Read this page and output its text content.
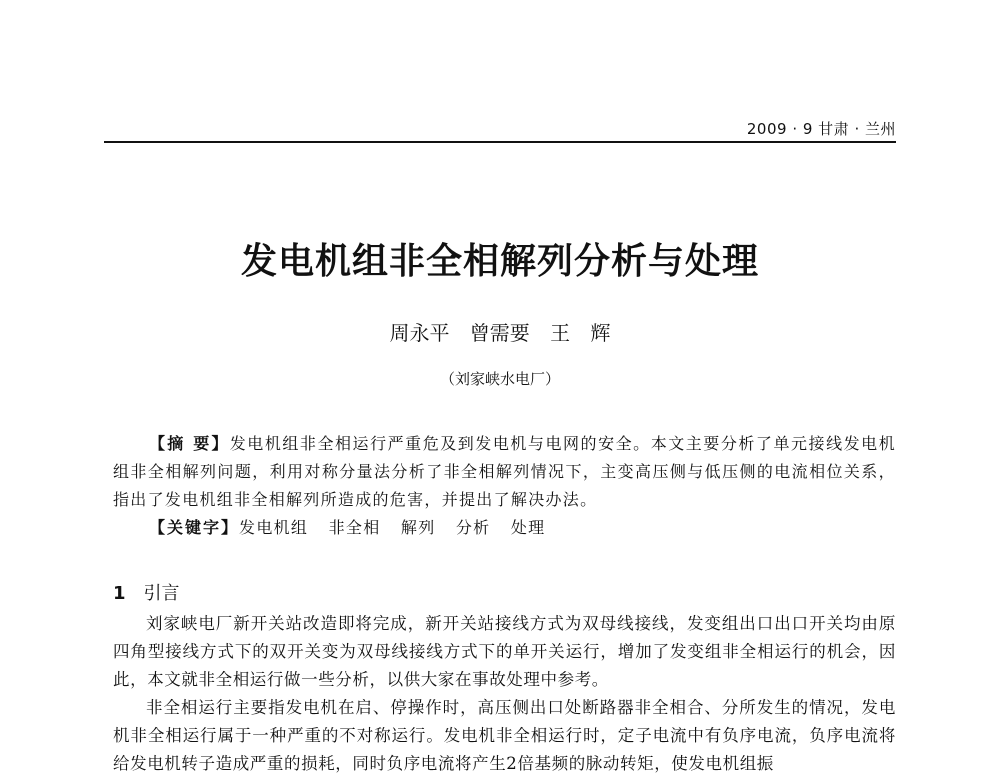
2009 · 9 甘肃 · 兰州
发电机组非全相解列分析与处理
周永平 曾需要 王 辉
（刘家峡水电厂）

【摘 要】发电机组非全相运行严重危及到发电机与电网的安全。本文主要分析了单元接线发电机组非全相解列问题，利用对称分量法分析了非全相解列情况下，主变高压侧与低压侧的电流相位关系，指出了发电机组非全相解列所造成的危害，并提出了解决办法。

【关键字】发电机组 非全相 解列 分析 处理

1 引言

刘家峡电厂新开关站改造即将完成，新开关站接线方式为双母线接线，发变组出口出口开关均由原四角型接线方式下的双开关变为双母线接线方式下的单开关运行，增加了发变组非全相运行的机会，因此，本文就非全相运行做一些分析，以供大家在事故处理中参考。

非全相运行主要指发电机在启、停操作时，高压侧出口处断路器非全相合、分所发生的情况，发电机非全相运行属于一种严重的不对称运行。发电机非全相运行时，定子电流中有负序电流，负序电流将给发电机转子造成严重的损耗，同时负序电流将产生2倍基频的脉动转矩，使发电机组振
